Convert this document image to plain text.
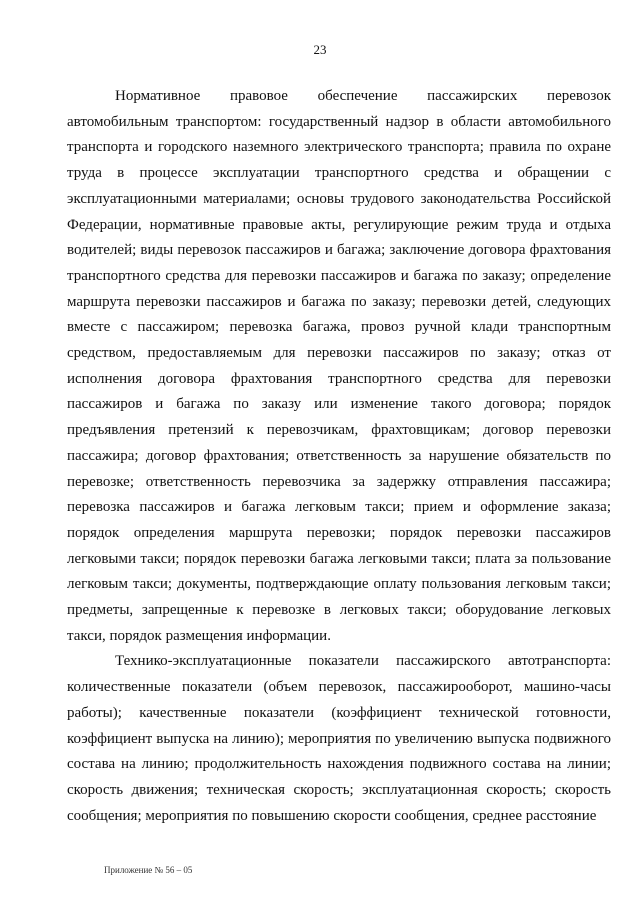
23

Нормативное правовое обеспечение пассажирских перевозок автомобильным транспортом: государственный надзор в области автомобильного транспорта и городского наземного электрического транспорта; правила по охране труда в процессе эксплуатации транспортного средства и обращении с эксплуатационными материалами; основы трудового законодательства Российской Федерации, нормативные правовые акты, регулирующие режим труда и отдыха водителей; виды перевозок пассажиров и багажа; заключение договора фрахтования транспортного средства для перевозки пассажиров и багажа по заказу; определение маршрута перевозки пассажиров и багажа по заказу; перевозки детей, следующих вместе с пассажиром; перевозка багажа, провоз ручной клади транспортным средством, предоставляемым для перевозки пассажиров по заказу; отказ от исполнения договора фрахтования транспортного средства для перевозки пассажиров и багажа по заказу или изменение такого договора; порядок предъявления претензий к перевозчикам, фрахтовщикам; договор перевозки пассажира; договор фрахтования; ответственность за нарушение обязательств по перевозке; ответственность перевозчика за задержку отправления пассажира; перевозка пассажиров и багажа легковым такси; прием и оформление заказа; порядок определения маршрута перевозки; порядок перевозки пассажиров легковыми такси; порядок перевозки багажа легковыми такси; плата за пользование легковым такси; документы, подтверждающие оплату пользования легковым такси; предметы, запрещенные к перевозке в легковых такси; оборудование легковых такси, порядок размещения информации.

Технико-эксплуатационные показатели пассажирского автотранспорта: количественные показатели (объем перевозок, пассажирооборот, машино-часы работы); качественные показатели (коэффициент технической готовности, коэффициент выпуска на линию); мероприятия по увеличению выпуска подвижного состава на линию; продолжительность нахождения подвижного состава на линии; скорость движения; техническая скорость; эксплуатационная скорость; скорость сообщения; мероприятия по повышению скорости сообщения, среднее расстояние

Приложение № 56 – 05
